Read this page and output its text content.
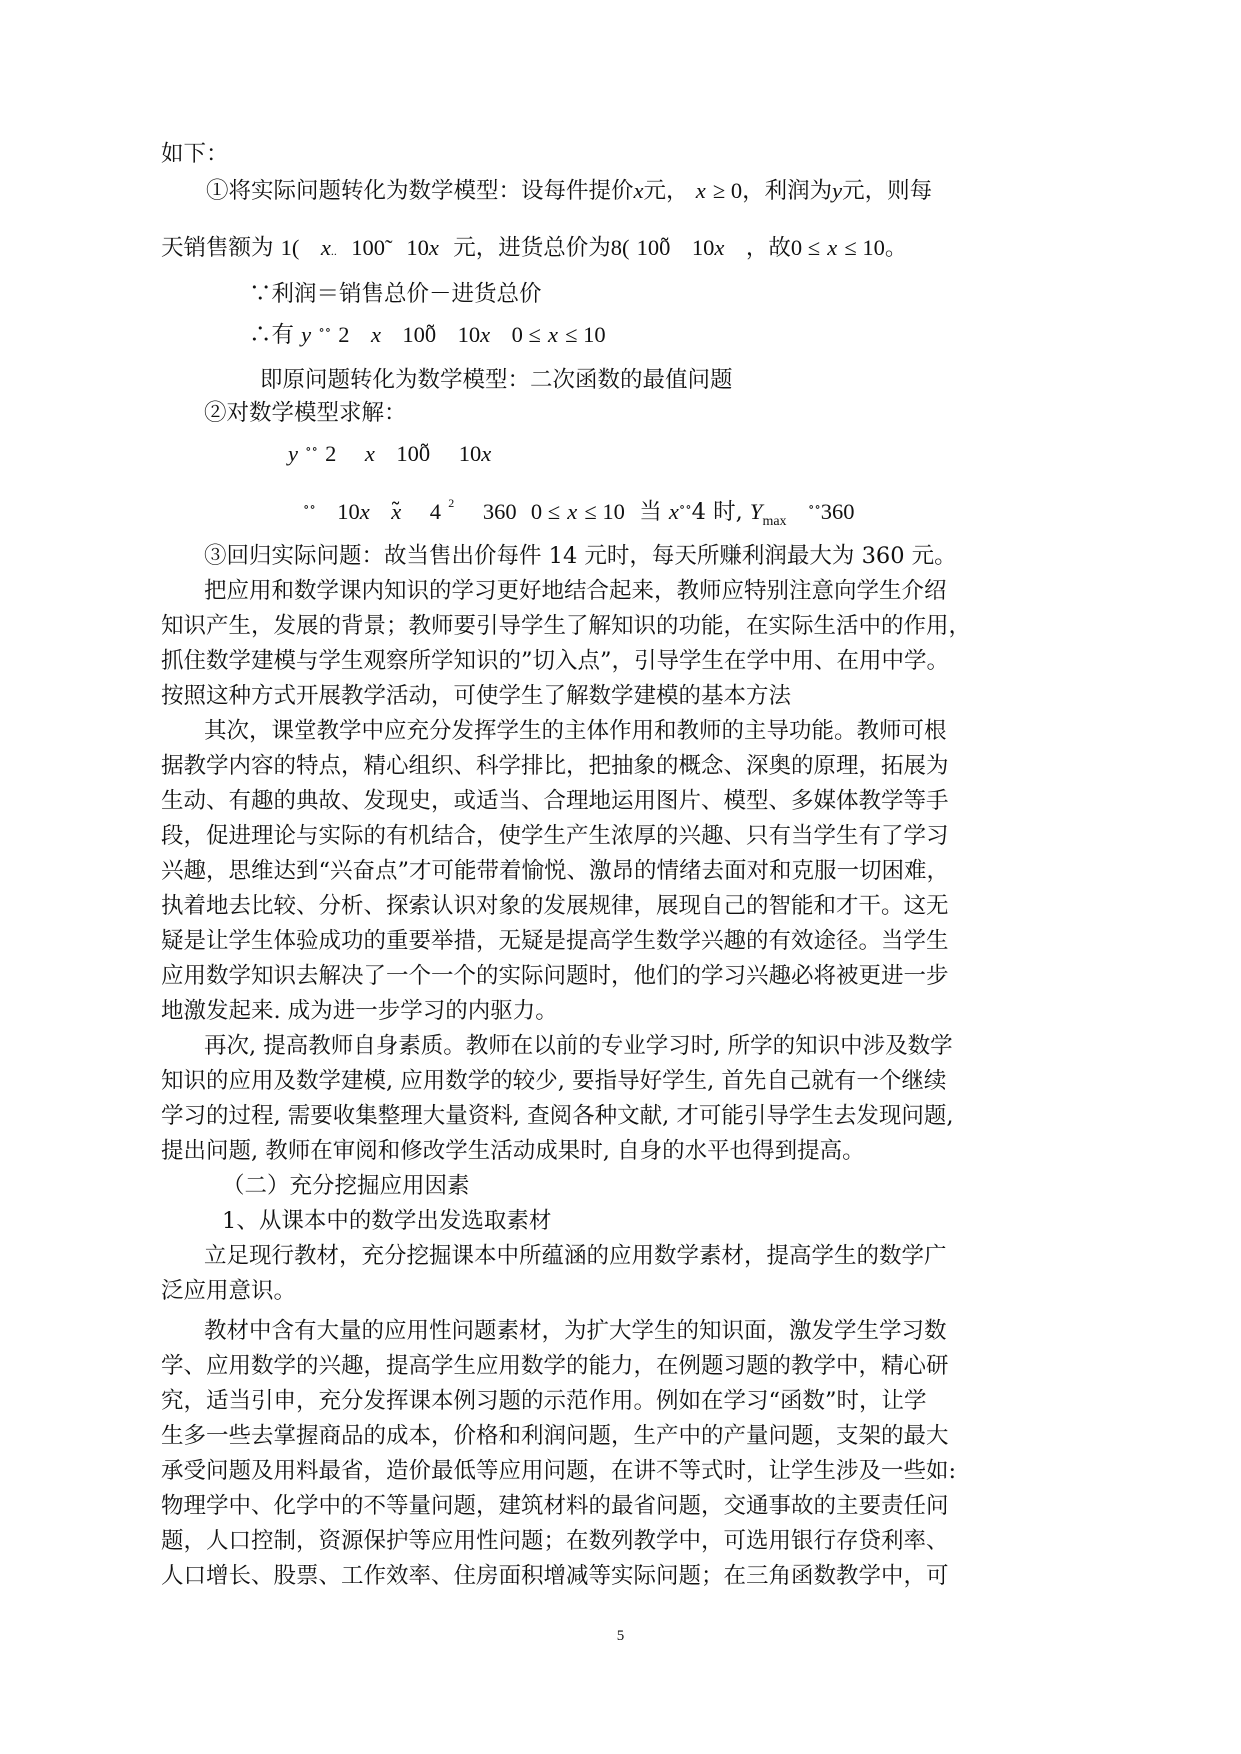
如下：
①将实际问题转化为数学模型：设每件提价x元， x ≥ 0，利润为y元，则每
天销售额为 1( x.. 100 10x 元，进货总价为8( 100̃   10x ，故0 ≤ x ≤ 10。
∵利润＝销售总价－进货总价
∴有 y ∘∘ 2 x 100̃   10x 0 ≤ x ≤ 10
即原问题转化为数学模型：二次函数的最值问题
②对数学模型求解：
y ∘∘ 2 x 100̃    10x
∘∘ 10x x̃    4 $^2$ 360 0 ≤ x ≤ 10 当 x∘∘4 时, $Y_{max}$   ∘∘360
③回归实际问题：故当售出价每件 14 元时，每天所赚利润最大为 360 元。
把应用和数学课内知识的学习更好地结合起来，教师应特别注意向学生介绍
知识产生，发展的背景；教师要引导学生了解知识的功能，在实际生活中的作用，
抓住数学建模与学生观察所学知识的”切入点”，引导学生在学中用、在用中学。
按照这种方式开展教学活动，可使学生了解数学建模的基本方法
其次，课堂教学中应充分发挥学生的主体作用和教师的主导功能。教师可根
据教学内容的特点，精心组织、科学排比，把抽象的概念、深奥的原理，拓展为
生动、有趣的典故、发现史，或适当、合理地运用图片、模型、多媒体教学等手
段，促进理论与实际的有机结合，使学生产生浓厚的兴趣、只有当学生有了学习
兴趣，思维达到“兴奋点”才可能带着愉悦、激昂的情绪去面对和克服一切困难，
执着地去比较、分析、探索认识对象的发展规律，展现自己的智能和才干。这无
疑是让学生体验成功的重要举措，无疑是提高学生数学兴趣的有效途径。当学生
应用数学知识去解决了一个一个的实际问题时，他们的学习兴趣必将被更进一步
地激发起来. 成为进一步学习的内驱力。
再次, 提高教师自身素质。教师在以前的专业学习时, 所学的知识中涉及数学
知识的应用及数学建模, 应用数学的较少, 要指导好学生, 首先自己就有一个继续
学习的过程, 需要收集整理大量资料, 查阅各种文献, 才可能引导学生去发现问题,
提出问题, 教师在审阅和修改学生活动成果时, 自身的水平也得到提高。
（二）充分挖掘应用因素
1、从课本中的数学出发选取素材
立足现行教材，充分挖掘课本中所蕴涵的应用数学素材，提高学生的数学广
泛应用意识。
教材中含有大量的应用性问题素材，为扩大学生的知识面，激发学生学习数
学、应用数学的兴趣，提高学生应用数学的能力，在例题习题的教学中，精心研
究，适当引申，充分发挥课本例习题的示范作用。例如在学习“函数”时，让学
生多一些去掌握商品的成本，价格和利润问题，生产中的产量问题，支架的最大
承受问题及用料最省，造价最低等应用问题，在讲不等式时，让学生涉及一些如:
物理学中、化学中的不等量问题，建筑材料的最省问题，交通事故的主要责任问
题，人口控制，资源保护等应用性问题；在数列教学中，可选用银行存贷利率、
人口增长、股票、工作效率、住房面积增减等实际问题；在三角函数教学中，可
5
